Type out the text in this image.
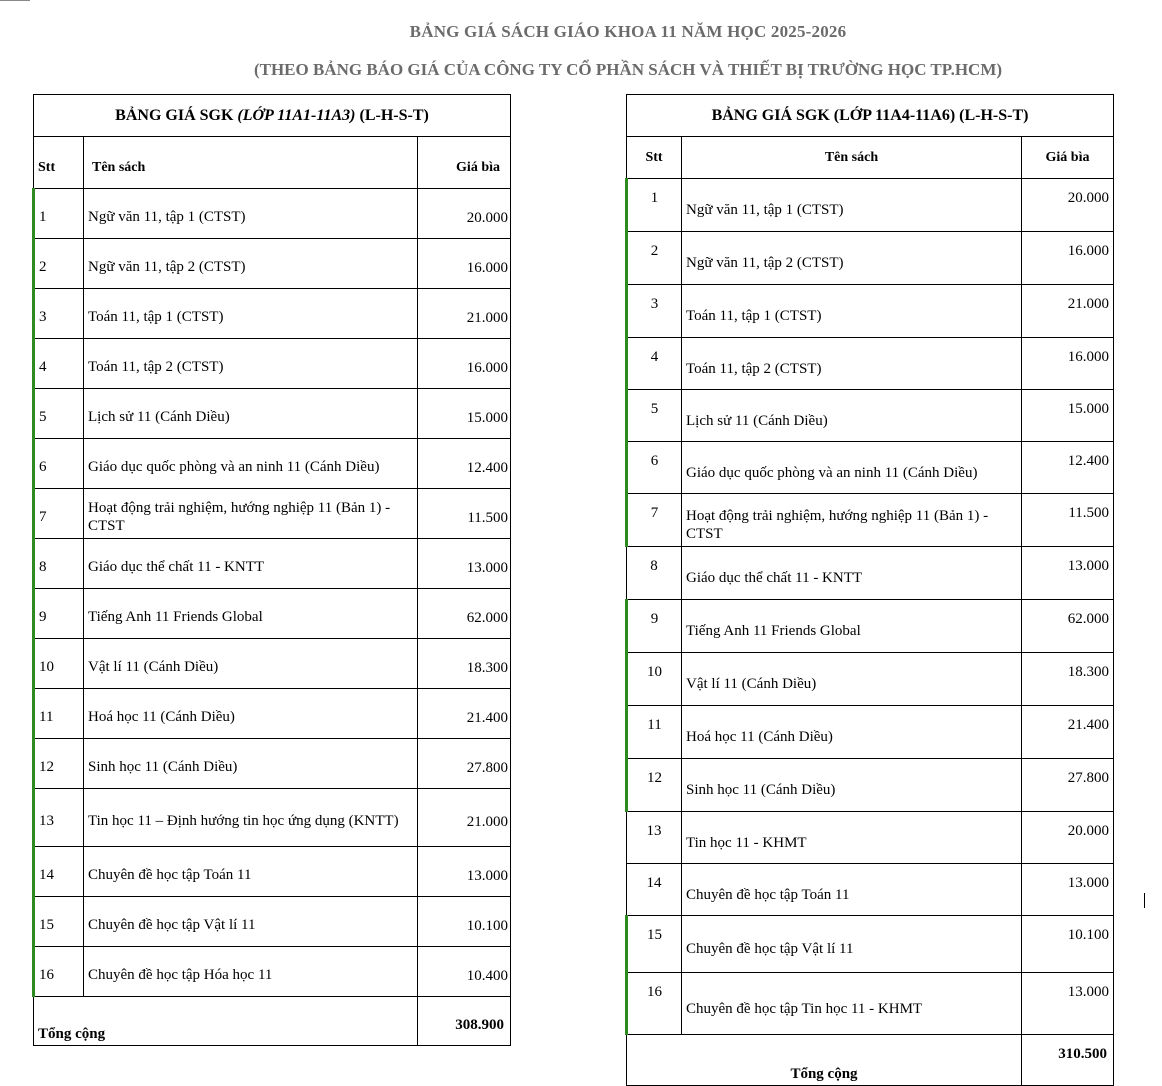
BẢNG GIÁ SÁCH GIÁO KHOA 11 NĂM HỌC 2025-2026
(THEO BẢNG BÁO GIÁ CỦA CÔNG TY CỔ PHẦN SÁCH VÀ THIẾT BỊ TRƯỜNG HỌC TP.HCM)
BẢNG GIÁ SGK (LỚP 11A1-11A3) (L-H-S-T)		
Stt	Tên sách	Giá bìa
1	Ngữ văn 11, tập 1 (CTST)	20.000
2	Ngữ văn 11, tập 2 (CTST)	16.000
3	Toán 11, tập 1 (CTST)	21.000
4	Toán 11, tập 2 (CTST)	16.000
5	Lịch sử 11 (Cánh Diều)	15.000
6	Giáo dục quốc phòng và an ninh 11 (Cánh Diều)	12.400
7	Hoạt động trải nghiệm, hướng nghiệp 11 (Bản 1) - CTST	11.500
8	Giáo dục thể chất 11 - KNTT	13.000
9	Tiếng Anh 11 Friends Global	62.000
10	Vật lí 11 (Cánh Diều)	18.300
11	Hoá học 11 (Cánh Diều)	21.400
12	Sinh học 11 (Cánh Diều)	27.800
13	Tin học 11 – Định hướng tin học ứng dụng (KNTT)	21.000
14	Chuyên đề học tập Toán 11	13.000
15	Chuyên đề học tập Vật lí 11	10.100
16	Chuyên đề học tập Hóa học 11	10.400
Tổng cộng		308.900
BẢNG GIÁ SGK (LỚP 11A4-11A6) (L-H-S-T)		
Stt	Tên sách	Giá bìa
1	Ngữ văn 11, tập 1 (CTST)	20.000
2	Ngữ văn 11, tập 2 (CTST)	16.000
3	Toán 11, tập 1 (CTST)	21.000
4	Toán 11, tập 2 (CTST)	16.000
5	Lịch sử 11 (Cánh Diều)	15.000
6	Giáo dục quốc phòng và an ninh 11 (Cánh Diều)	12.400
7	Hoạt động trải nghiệm, hướng nghiệp 11 (Bản 1) - CTST	11.500
8	Giáo dục thể chất 11 - KNTT	13.000
9	Tiếng Anh 11 Friends Global	62.000
10	Vật lí 11 (Cánh Diều)	18.300
11	Hoá học 11 (Cánh Diều)	21.400
12	Sinh học 11 (Cánh Diều)	27.800
13	Tin học 11 - KHMT	20.000
14	Chuyên đề học tập Toán 11	13.000
15	Chuyên đề học tập Vật lí 11	10.100
16	Chuyên đề học tập Tin học 11 - KHMT	13.000
Tổng cộng		310.500
